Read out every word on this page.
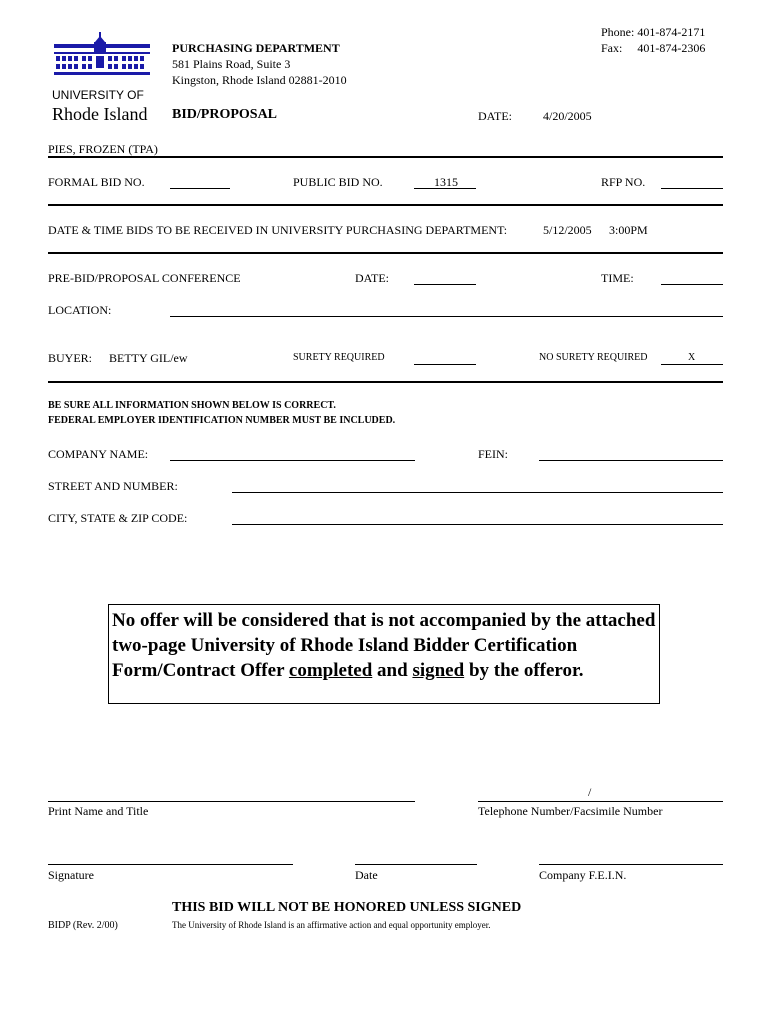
UNIVERSITY OF
Rhode Island
PURCHASING DEPARTMENT
581 Plains Road, Suite 3
Kingston, Rhode Island 02881-2010
Phone: 401-874-2171
Fax:     401-874-2306
BID/PROPOSAL	DATE:	4/20/2005
PIES, FROZEN (TPA)
FORMAL BID NO.	PUBLIC BID NO.	1315	RFP NO.
DATE & TIME BIDS TO BE RECEIVED IN UNIVERSITY PURCHASING DEPARTMENT:	5/12/2005 3:00PM
PRE-BID/PROPOSAL CONFERENCE	DATE:	TIME:
LOCATION:
BUYER: BETTY GIL/ew	SURETY REQUIRED	NO SURETY REQUIRED	X
BE SURE ALL INFORMATION SHOWN BELOW IS CORRECT.
FEDERAL EMPLOYER IDENTIFICATION NUMBER MUST BE INCLUDED.
COMPANY NAME:	FEIN:
STREET AND NUMBER:
CITY, STATE & ZIP CODE:
No offer will be considered that is not accompanied by the attached two-page University of Rhode Island Bidder Certification Form/Contract Offer completed and signed by the offeror.
Print Name and Title
/
Telephone Number/Facsimile Number
Signature	Date	Company F.E.I.N.
THIS BID WILL NOT BE HONORED UNLESS SIGNED
BIDP (Rev. 2/00)	The University of Rhode Island is an affirmative action and equal opportunity employer.
